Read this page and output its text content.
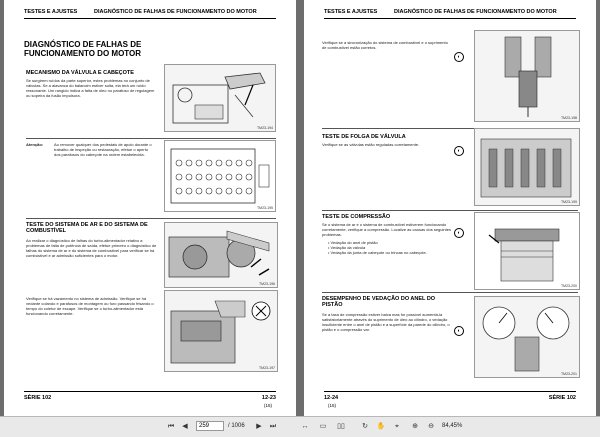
TESTES E AJUSTES	DIAGNÓSTICO DE FALHAS DE FUNCIONAMENTO DO MOTOR
DIAGNÓSTICO DE FALHAS DE
FUNCIONAMENTO DO MOTOR
MECANISMO DA VÁLVULA E CABEÇOTE
Se surgirem ruídos da parte superior, estes problemas no conjunto de válvulas. Se a alavanca do balancim estiver solta, ela terá um ruído ressonante. Um rangido indica a falta de óleo no parafuso de regulagem ou sopeira da fusão impulsora.
TM23-194
Atenção:	Ao remover qualquer dos pedestais de apoio durante o trabalho de inspeção ou restauração, efetue o aperto dos parafusos do cabeçote na ordem estabelecida.
TM23-195
TESTE DO SISTEMA DE AR E DO SISTEMA DE
COMBUSTÍVEL
Ao realizar o diagnóstico de falhas do turbo-alimentador relativo a problemas de falta de potência de saída, efetue primeiro o diagnóstico de falhas do sistema de ar e do sistema de combustível para verificar se há combustível e ar admissão suficientes para o motor.
TM23-196
Verifique se há vazamento no sistema de admissão. Verifique se há vedante colando e parafusos de montagem ou furo passando frisando o tempo do coletor de escape. Verifique se o turbo-alimentador está funcionando corretamente.
TM23-197
SÉRIE 102	12-23
(15)
TESTES E AJUSTES	DIAGNÓSTICO DE FALHAS DE FUNCIONAMENTO DO MOTOR
Verifique se a sincronização do sistema de combustível e o suprimento de combustível estão corretos.
◐
TM23-198
TESTE DE FOLGA DE VÁLVULA
Verifique se as válvulas estão reguladas corretamente.
◐
TM23-199
TESTE DE COMPRESSÃO
Se o sistema de ar e o sistema de combustível estiverem funcionando corretamente, verifique a compressão. Localize as causas dos seguintes problemas.
• Vedação do anel de pistão
• Vedação da válvula
• Vedação da junta de cabeçote ou trincas no cabeçote.
◐
TM23-200
DESEMPENHO DE VEDAÇÃO DO ANEL DO
PISTÃO
Se a taxa de compressão estiver baixa mas for possível aumentá-la satisfatoriamente através do suprimento de óleo ao cilindro, o vedação insuficiente entre o anel de pistão e a superfície da parede do cilindro, o pistão e o compressão var.	◐
TM23-201
12-24
(15)
SÉRIE 102
⏮	◀
259	/ 1006	▶	⏭	↔ ▭ ▯▯ ↻ ✋	⌖	⊕ ⊖	84,45%
